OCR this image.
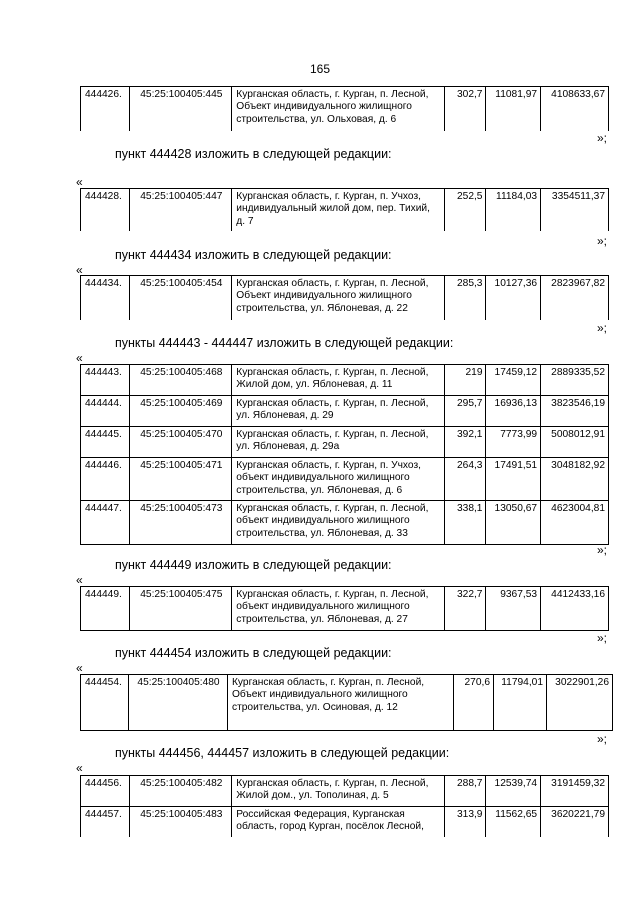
165
444426.	45:25:100405:445	Курганская область, г. Курган, п. Лесной, Объект индивидуального жилищного строительства, ул. Ольховая, д. 6	302,7	11081,97	4108633,67
»;
пункт 444428 изложить в следующей редакции:
«
444428.	45:25:100405:447	Курганская область, г. Курган, п. Учхоз, индивидуальный жилой дом, пер. Тихий, д. 7	252,5	11184,03	3354511,37
»;
пункт 444434 изложить в следующей редакции:
«
444434.	45:25:100405:454	Курганская область, г. Курган, п. Лесной, Объект индивидуального жилищного строительства, ул. Яблоневая, д. 22	285,3	10127,36	2823967,82
»;
пункты 444443 - 444447 изложить в следующей редакции:
«
444443.	45:25:100405:468	Курганская область, г. Курган, п. Лесной, Жилой дом, ул. Яблоневая, д. 11	219	17459,12	2889335,52
444444.	45:25:100405:469	Курганская область, г. Курган, п. Лесной, ул. Яблоневая, д. 29	295,7	16936,13	3823546,19
444445.	45:25:100405:470	Курганская область, г. Курган, п. Лесной, ул. Яблоневая, д. 29а	392,1	7773,99	5008012,91
444446.	45:25:100405:471	Курганская область, г. Курган, п. Учхоз, объект индивидуального жилищного строительства, ул. Яблоневая, д. 6	264,3	17491,51	3048182,92
444447.	45:25:100405:473	Курганская область, г. Курган, п. Лесной, объект индивидуального жилищного строительства, ул. Яблоневая, д. 33	338,1	13050,67	4623004,81
»;
пункт 444449 изложить в следующей редакции:
«
444449.	45:25:100405:475	Курганская область, г. Курган, п. Лесной, объект индивидуального жилищного строительства, ул. Яблоневая, д. 27	322,7	9367,53	4412433,16
»;
пункт 444454 изложить в следующей редакции:
«
444454.	45:25:100405:480	Курганская область, г. Курган, п. Лесной, Объект индивидуального жилищного строительства, ул. Осиновая, д. 12	270,6	11794,01	3022901,26
»;
пункты 444456, 444457 изложить в следующей редакции:
«
444456.	45:25:100405:482	Курганская область, г. Курган, п. Лесной, Жилой дом., ул. Тополиная, д. 5	288,7	12539,74	3191459,32
444457.	45:25:100405:483	Российская Федерация, Курганская область, город Курган, посёлок Лесной,	313,9	11562,65	3620221,79
